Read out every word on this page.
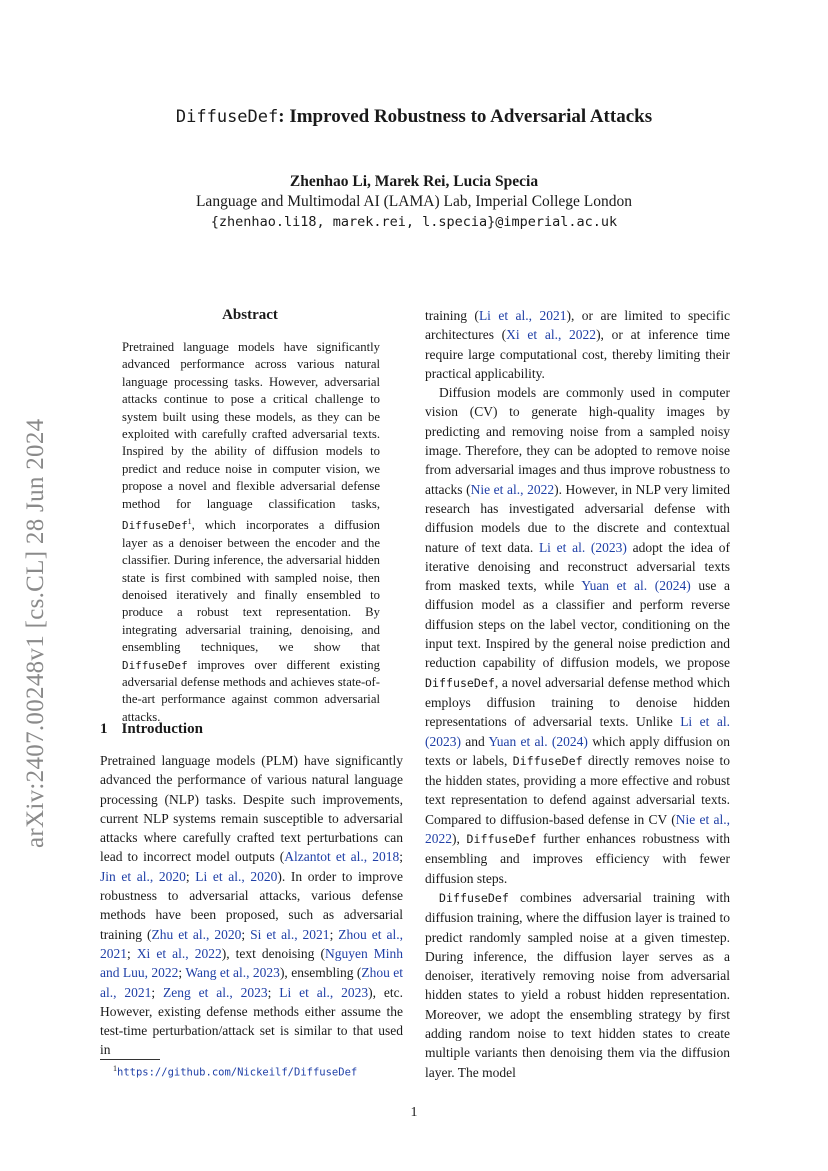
arXiv:2407.00248v1 [cs.CL] 28 Jun 2024
DiffuseDef: Improved Robustness to Adversarial Attacks
Zhenhao Li, Marek Rei, Lucia Specia
Language and Multimodal AI (LAMA) Lab, Imperial College London
{zhenhao.li18, marek.rei, l.specia}@imperial.ac.uk
Abstract
Pretrained language models have significantly advanced performance across various natural language processing tasks. However, adversarial attacks continue to pose a critical challenge to system built using these models, as they can be exploited with carefully crafted adversarial texts. Inspired by the ability of diffusion models to predict and reduce noise in computer vision, we propose a novel and flexible adversarial defense method for language classification tasks, DiffuseDef$^1$, which incorporates a diffusion layer as a denoiser between the encoder and the classifier. During inference, the adversarial hidden state is first combined with sampled noise, then denoised iteratively and finally ensembled to produce a robust text representation. By integrating adversarial training, denoising, and ensembling techniques, we show that DiffuseDef improves over different existing adversarial defense methods and achieves state-of-the-art performance against common adversarial attacks.
1 Introduction

Pretrained language models (PLM) have significantly advanced the performance of various natural language processing (NLP) tasks. Despite such improvements, current NLP systems remain susceptible to adversarial attacks where carefully crafted text perturbations can lead to incorrect model outputs (Alzantot et al., 2018; Jin et al., 2020; Li et al., 2020). In order to improve robustness to adversarial attacks, various defense methods have been proposed, such as adversarial training (Zhu et al., 2020; Si et al., 2021; Zhou et al., 2021; Xi et al., 2022), text denoising (Nguyen Minh and Luu, 2022; Wang et al., 2023), ensembling (Zhou et al., 2021; Zeng et al., 2023; Li et al., 2023), etc. However, existing defense methods either assume the test-time perturbation/attack set is similar to that used in

training (Li et al., 2021), or are limited to specific architectures (Xi et al., 2022), or at inference time require large computational cost, thereby limiting their practical applicability.

Diffusion models are commonly used in computer vision (CV) to generate high-quality images by predicting and removing noise from a sampled noisy image. Therefore, they can be adopted to remove noise from adversarial images and thus improve robustness to attacks (Nie et al., 2022). However, in NLP very limited research has investigated adversarial defense with diffusion models due to the discrete and contextual nature of text data. Li et al. (2023) adopt the idea of iterative denoising and reconstruct adversarial texts from masked texts, while Yuan et al. (2024) use a diffusion model as a classifier and perform reverse diffusion steps on the label vector, conditioning on the input text. Inspired by the general noise prediction and reduction capability of diffusion models, we propose DiffuseDef, a novel adversarial defense method which employs diffusion training to denoise hidden representations of adversarial texts. Unlike Li et al. (2023) and Yuan et al. (2024) which apply diffusion on texts or labels, DiffuseDef directly removes noise to the hidden states, providing a more effective and robust text representation to defend against adversarial texts. Compared to diffusion-based defense in CV (Nie et al., 2022), DiffuseDef further enhances robustness with ensembling and improves efficiency with fewer diffusion steps.

DiffuseDef combines adversarial training with diffusion training, where the diffusion layer is trained to predict randomly sampled noise at a given timestep. During inference, the diffusion layer serves as a denoiser, iteratively removing noise from adversarial hidden states to yield a robust hidden representation. Moreover, we adopt the ensembling strategy by first adding random noise to text hidden states to create multiple variants then denoising them via the diffusion layer. The model

$^1$https://github.com/Nickeilf/DiffuseDef
1
